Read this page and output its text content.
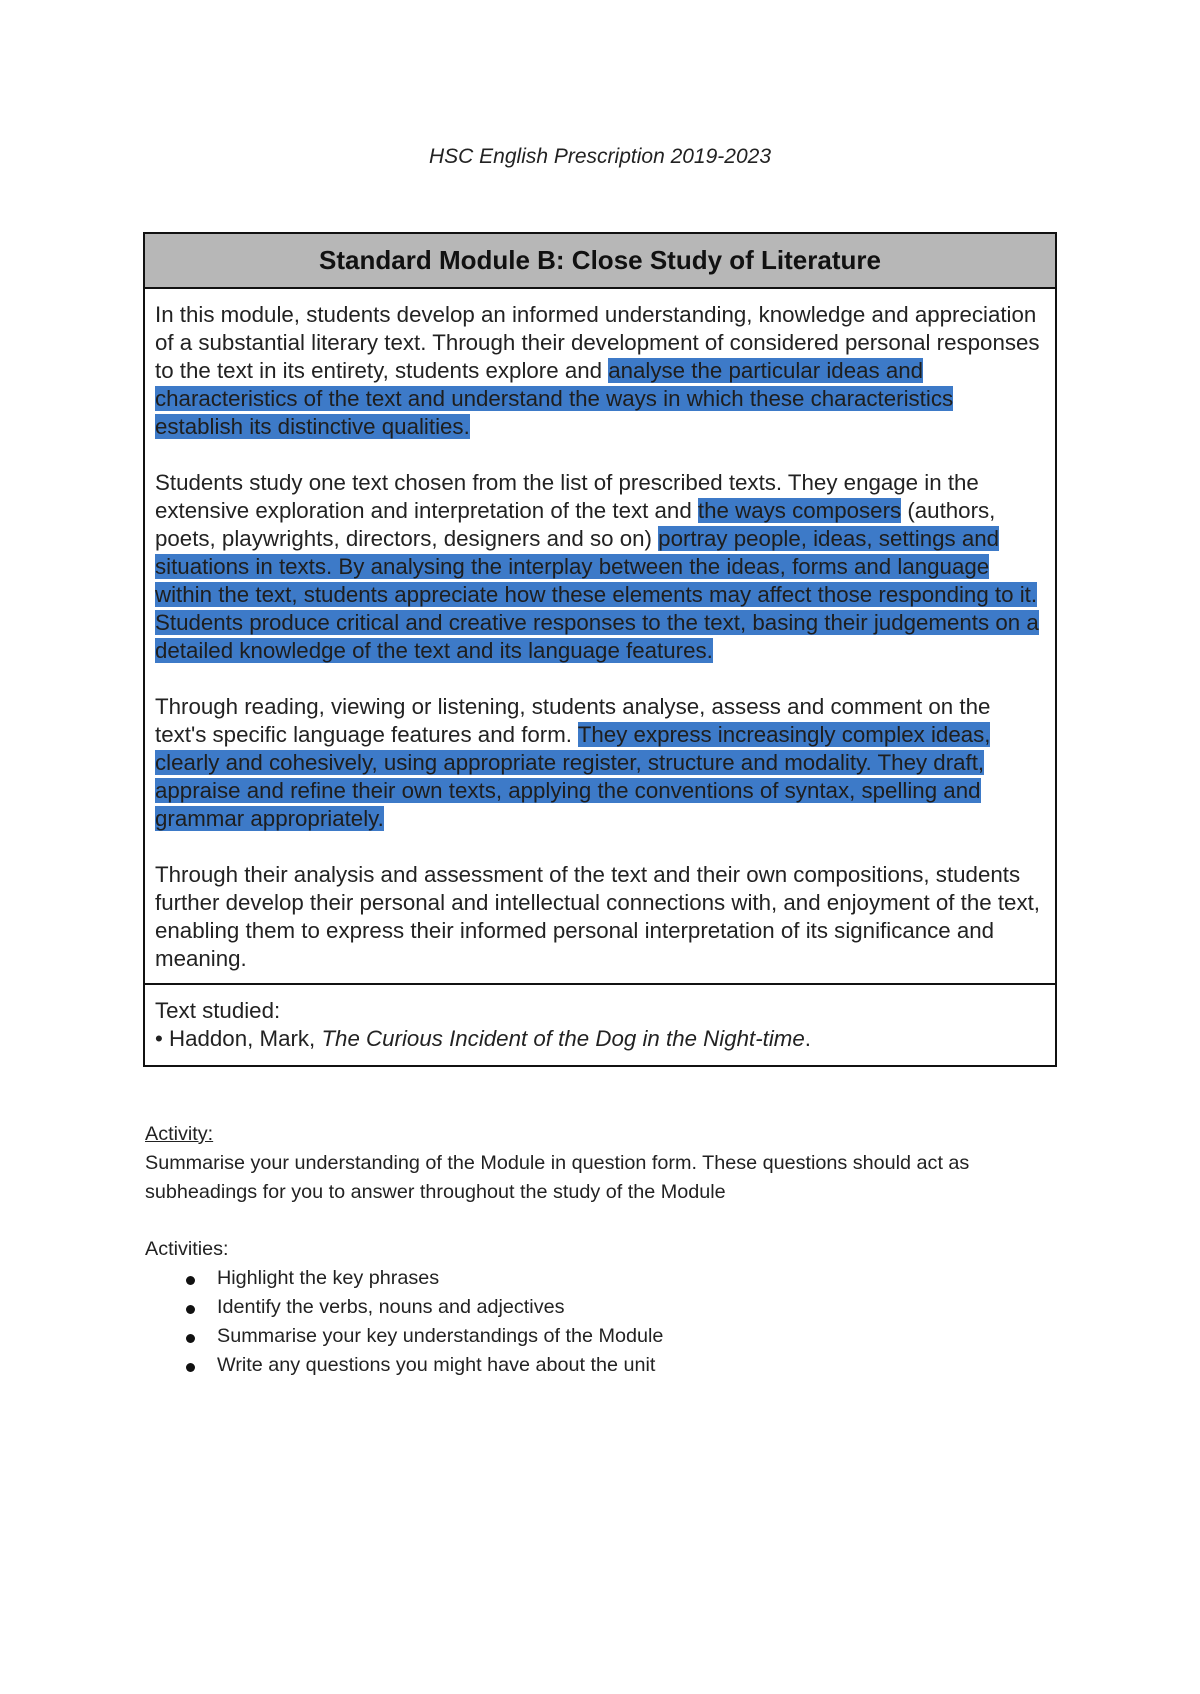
HSC English Prescription 2019-2023
Standard Module B: Close Study of Literature

In this module, students develop an informed understanding, knowledge and appreciation of a substantial literary text. Through their development of considered personal responses to the text in its entirety, students explore and analyse the particular ideas and characteristics of the text and understand the ways in which these characteristics establish its distinctive qualities.

Students study one text chosen from the list of prescribed texts. They engage in the extensive exploration and interpretation of the text and the ways composers (authors, poets, playwrights, directors, designers and so on) portray people, ideas, settings and situations in texts. By analysing the interplay between the ideas, forms and language within the text, students appreciate how these elements may affect those responding to it. Students produce critical and creative responses to the text, basing their judgements on a detailed knowledge of the text and its language features.

Through reading, viewing or listening, students analyse, assess and comment on the text's specific language features and form. They express increasingly complex ideas, clearly and cohesively, using appropriate register, structure and modality. They draft, appraise and refine their own texts, applying the conventions of syntax, spelling and grammar appropriately.

Through their analysis and assessment of the text and their own compositions, students further develop their personal and intellectual connections with, and enjoyment of the text, enabling them to express their informed personal interpretation of its significance and meaning.

Text studied:
• Haddon, Mark, The Curious Incident of the Dog in the Night-time.
Activity:
Summarise your understanding of the Module in question form. These questions should act as subheadings for you to answer throughout the study of the Module
Activities:
Highlight the key phrases
Identify the verbs, nouns and adjectives
Summarise your key understandings of the Module
Write any questions you might have about the unit
